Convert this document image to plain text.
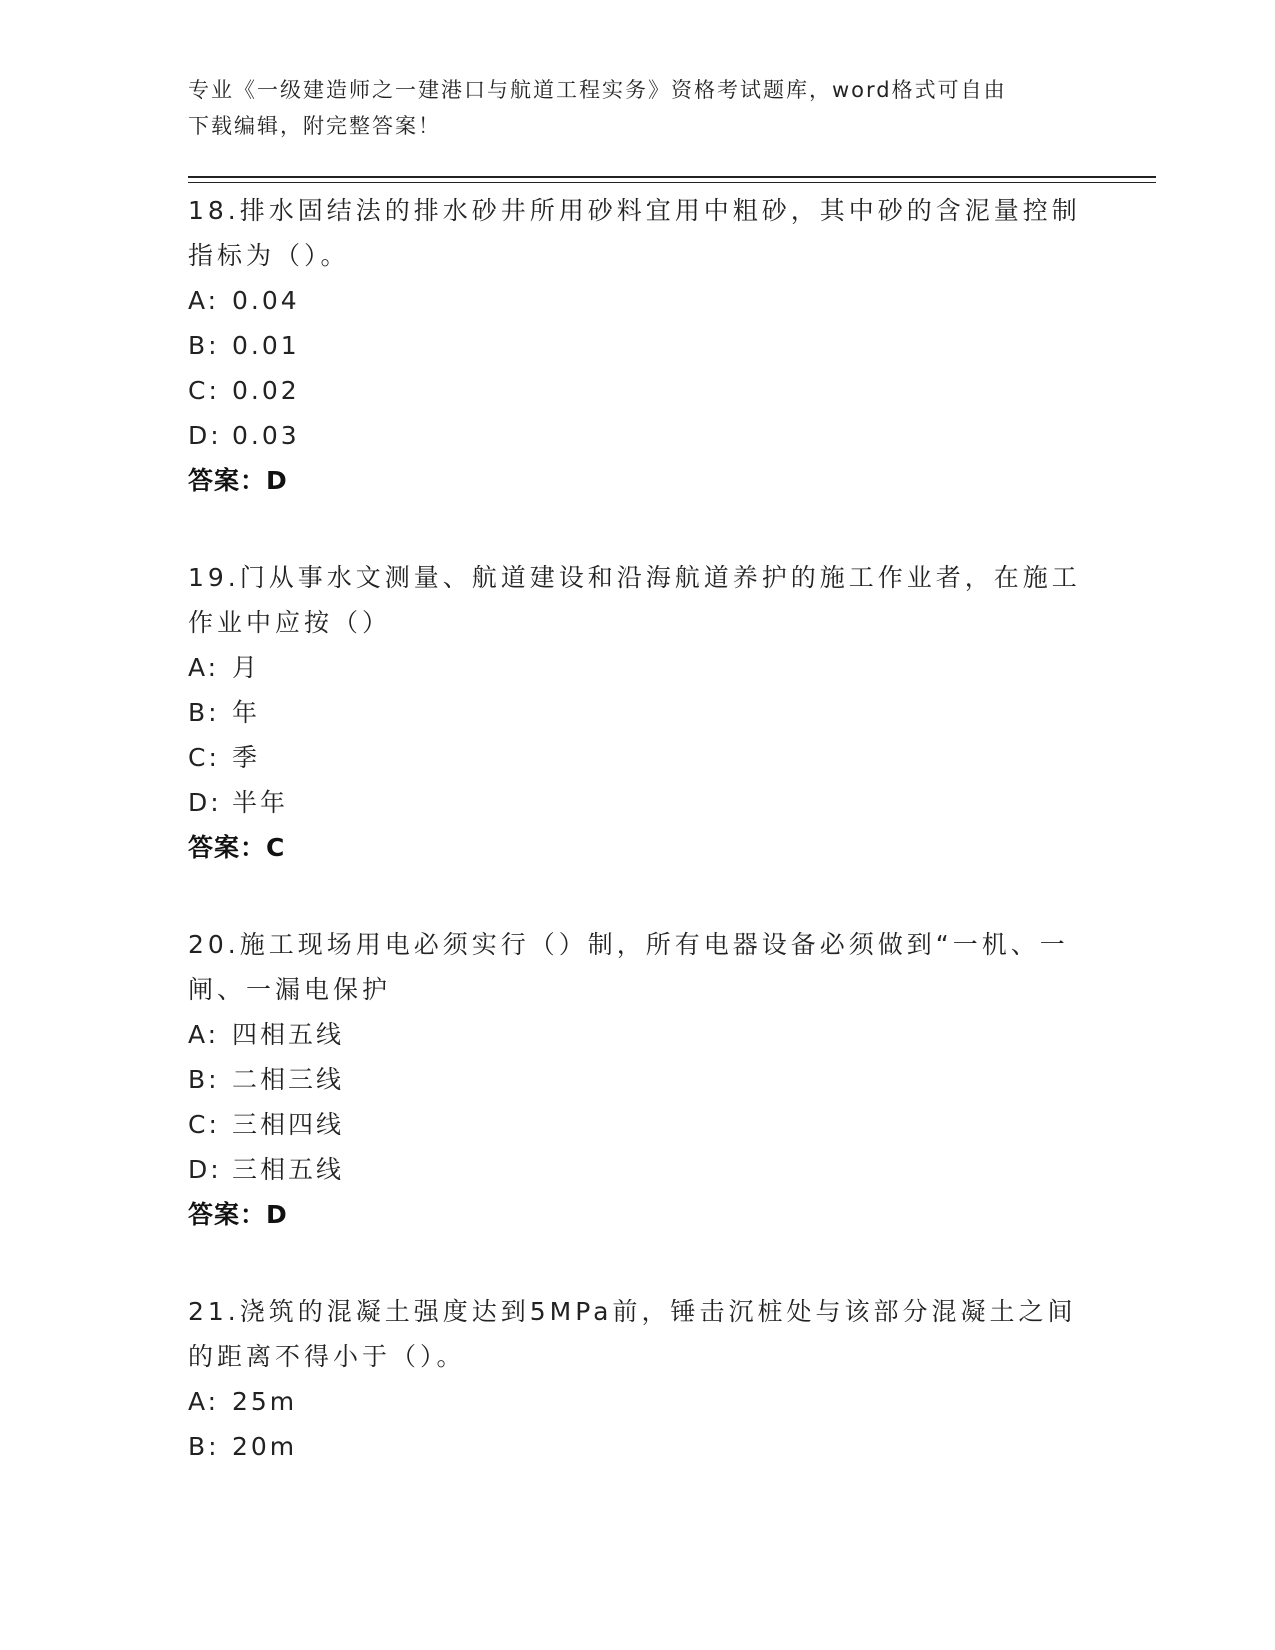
专业《一级建造师之一建港口与航道工程实务》资格考试题库，word格式可自由
下载编辑，附完整答案！

18.排水固结法的排水砂井所用砂料宜用中粗砂，其中砂的含泥量控制指标为（）。

A: 0.04

B: 0.01

C: 0.02

D: 0.03

答案：D

19.门从事水文测量、航道建设和沿海航道养护的施工作业者，在施工作业中应按（）

A: 月

B: 年

C: 季

D: 半年

答案：C

20.施工现场用电必须实行（）制，所有电器设备必须做到“一机、一闸、一漏电保护

A: 四相五线

B: 二相三线

C: 三相四线

D: 三相五线

答案：D

21.浇筑的混凝土强度达到5MPa前，锤击沉桩处与该部分混凝土之间的距离不得小于（）。

A: 25m

B: 20m
